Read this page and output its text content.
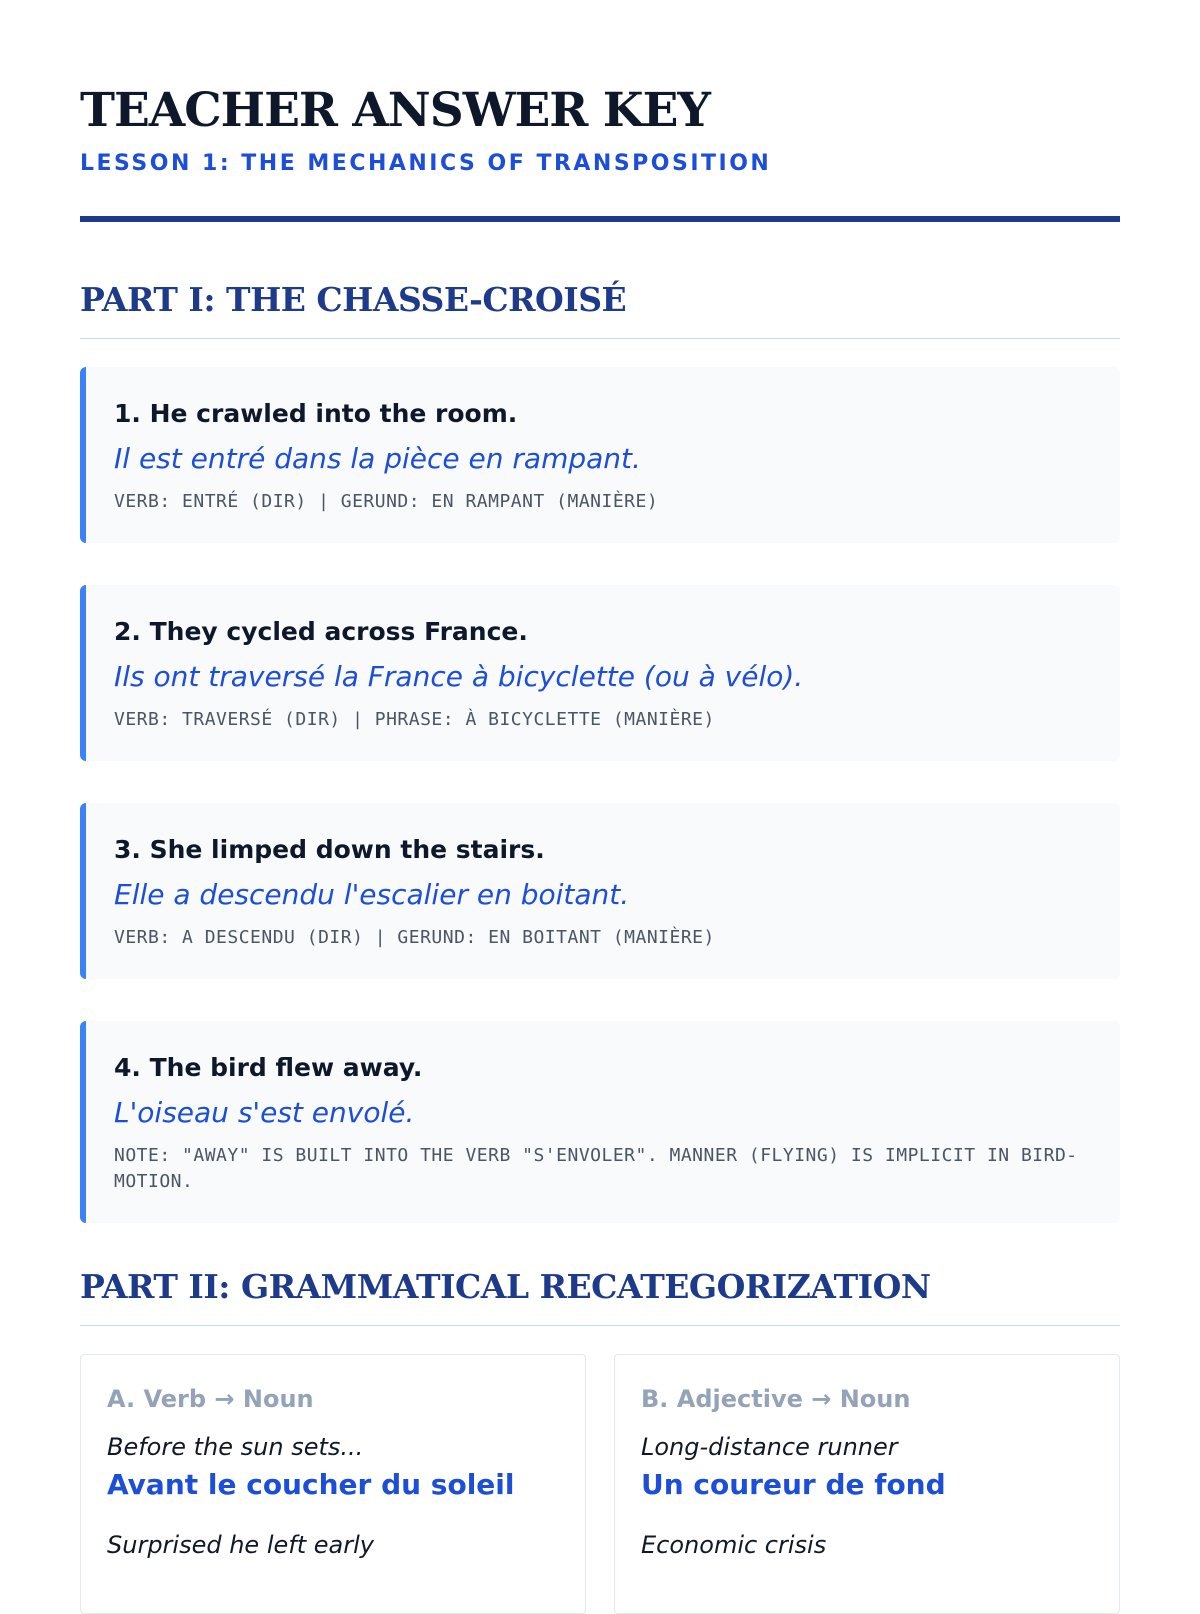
TEACHER ANSWER KEY
LESSON 1: THE MECHANICS OF TRANSPOSITION
PART I: THE CHASSE-CROISÉ

1. He crawled into the room.

Il est entré dans la pièce en rampant.
VERB: ENTRÉ (DIR) | GERUND: EN RAMPANT (MANIÈRE)

2. They cycled across France.

Ils ont traversé la France à bicyclette (ou à vélo).
VERB: TRAVERSÉ (DIR) | PHRASE: À BICYCLETTE (MANIÈRE)

3. She limped down the stairs.

Elle a descendu l'escalier en boitant.
VERB: A DESCENDU (DIR) | GERUND: EN BOITANT (MANIÈRE)

4. The bird flew away.

L'oiseau s'est envolé.
NOTE: "AWAY" IS BUILT INTO THE VERB "S'ENVOLER". MANNER (FLYING) IS IMPLICIT IN BIRD-MOTION.
PART II: GRAMMATICAL RECATEGORIZATION
A. Verb → Noun
Before the sun sets...
Avant le coucher du soleil
Surprised he left early
B. Adjective → Noun
Long-distance runner
Un coureur de fond
Economic crisis
